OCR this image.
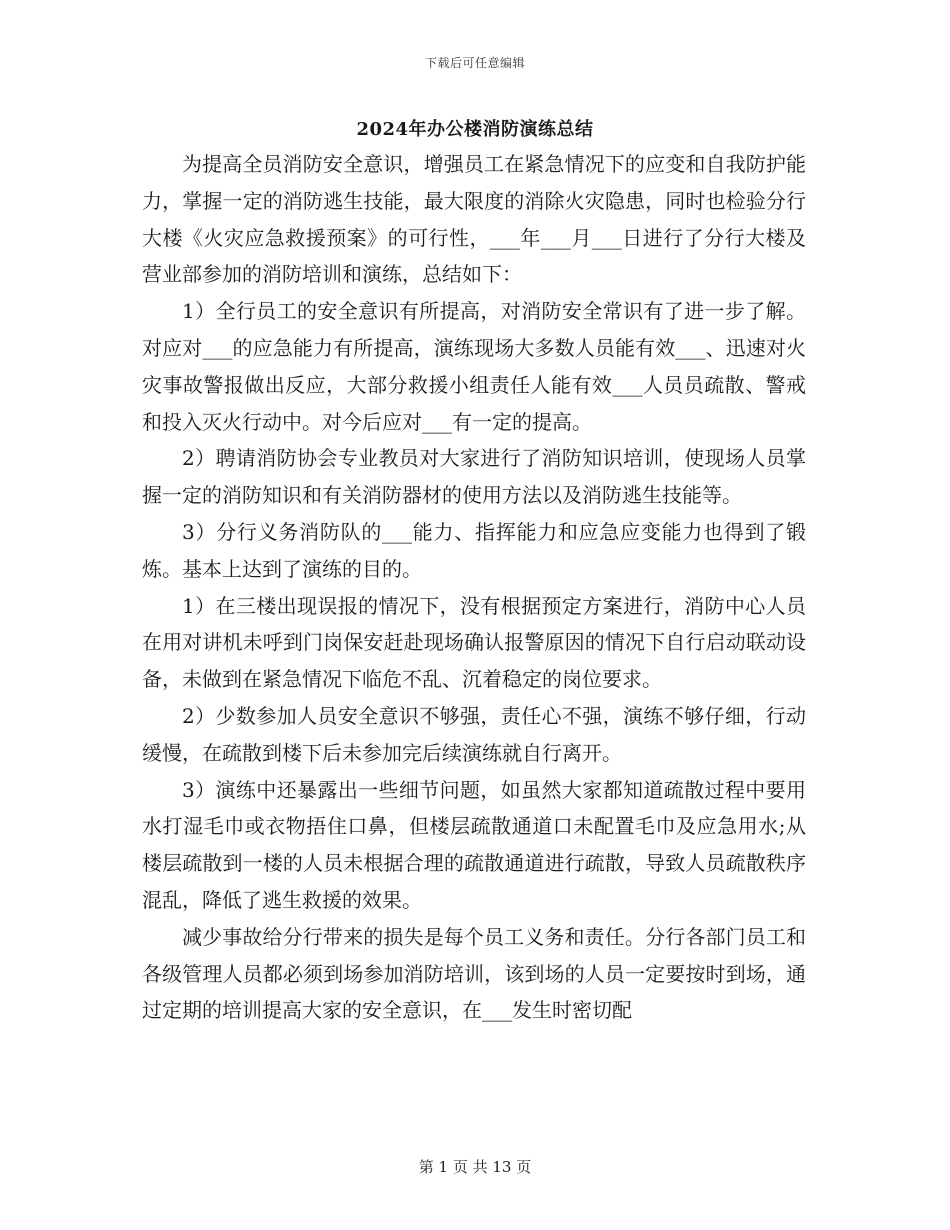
下载后可任意编辑
2024年办公楼消防演练总结

为提高全员消防安全意识，增强员工在紧急情况下的应变和自我防护能力，掌握一定的消防逃生技能，最大限度的消除火灾隐患，同时也检验分行大楼《火灾应急救援预案》的可行性，___年___月___日进行了分行大楼及营业部参加的消防培训和演练，总结如下：

1）全行员工的安全意识有所提高，对消防安全常识有了进一步了解。对应对___的应急能力有所提高，演练现场大多数人员能有效___、迅速对火灾事故警报做出反应，大部分救援小组责任人能有效___人员员疏散、警戒和投入灭火行动中。对今后应对___有一定的提高。

2）聘请消防协会专业教员对大家进行了消防知识培训，使现场人员掌握一定的消防知识和有关消防器材的使用方法以及消防逃生技能等。

3）分行义务消防队的___能力、指挥能力和应急应变能力也得到了锻炼。基本上达到了演练的目的。

1）在三楼出现误报的情况下，没有根据预定方案进行，消防中心人员在用对讲机未呼到门岗保安赶赴现场确认报警原因的情况下自行启动联动设备，未做到在紧急情况下临危不乱、沉着稳定的岗位要求。

2）少数参加人员安全意识不够强，责任心不强，演练不够仔细，行动缓慢，在疏散到楼下后未参加完后续演练就自行离开。

3）演练中还暴露出一些细节问题，如虽然大家都知道疏散过程中要用水打湿毛巾或衣物捂住口鼻，但楼层疏散通道口未配置毛巾及应急用水;从楼层疏散到一楼的人员未根据合理的疏散通道进行疏散，导致人员疏散秩序混乱，降低了逃生救援的效果。

减少事故给分行带来的损失是每个员工义务和责任。分行各部门员工和各级管理人员都必须到场参加消防培训，该到场的人员一定要按时到场，通过定期的培训提高大家的安全意识，在___发生时密切配

第 1 页 共 13 页
